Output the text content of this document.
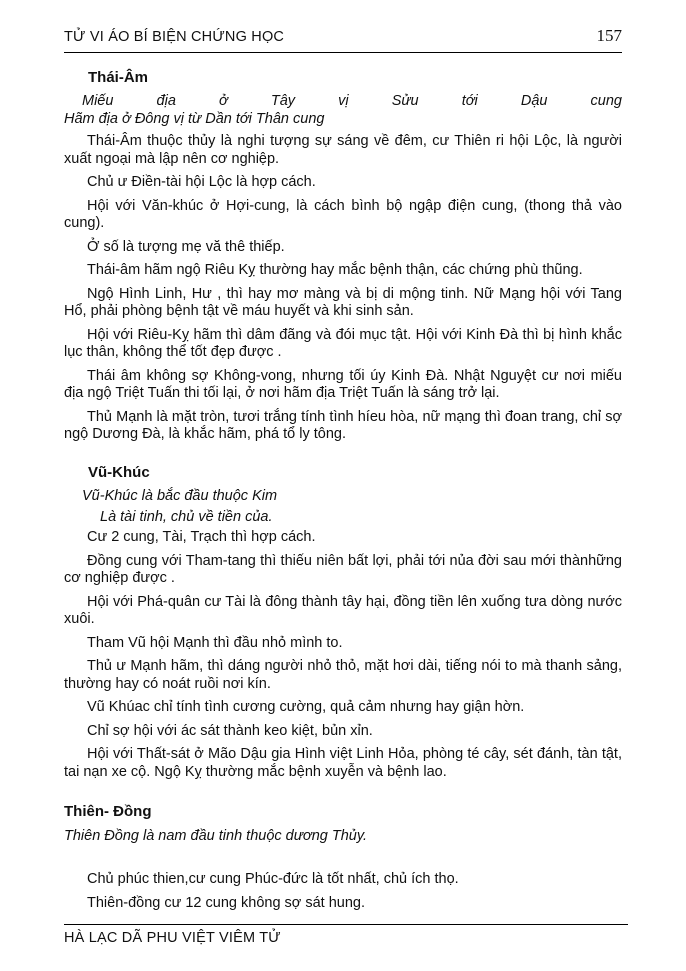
TỬ VI ÁO BÍ BIỆN CHỨNG HỌC	157
Thái-Âm
Miếu địa ở Tây vị Sửu tới Dậu cung
Hãm địa ở Đông vị từ Dần tới Thân cung

Thái-Âm thuộc thủy là nghi tượng sự sáng về đêm, cư Thiên ri hội Lộc, là người xuất ngoại mà lập nên cơ nghiệp.

Chủ ư Điền-tài hội Lộc là hợp cách.

Hội với Văn-khúc ở Hợi-cung, là cách bình bộ ngập điện cung, (thong thả vào cung).

Ở số là tượng mẹ vă thê thiếp.

Thái-âm hãm ngộ Riêu Kỵ thường hay mắc bệnh thận, các chứng phù thũng.

Ngộ Hình Linh, Hư , thì hay mơ màng và bị di mộng tinh. Nữ Mạng hội với Tang Hổ, phải phòng bệnh tật về máu huyết và khi sinh sản.

Hội với Riêu-Kỵ hãm thì dâm đãng và đói mục tật. Hội với Kinh Đà thì bị hình khắc lục thân, không thể tốt đẹp được .

Thái âm không sợ Không-vong, nhưng tối úy Kinh Đà. Nhật Nguyệt cư nơi miếu địa ngộ Triệt Tuấn thi tối lại, ở nơi hãm địa Triệt Tuấn là sáng trở lại.

Thủ Mạnh là mặt tròn, tươi trắng tính tình híeu hòa, nữ mạng thì đoan trang, chỉ sợ ngộ Dương Đà, là khắc hãm, phá tổ ly tông.

Vũ-Khúc
Vũ-Khúc là bắc đầu thuộc Kim
Là tài tinh, chủ về tiền của.

Cư 2 cung, Tài, Trạch thì hợp cách.

Đồng cung với Tham-tang thì thiếu niên bất lợi, phải tới nủa đời sau mới thànhững cơ nghiệp được .

Hội với Phá-quân cư Tài là đông thành tây hại, đồng tiền lên xuống tưa dòng nước xuôi.

Tham Vũ hội Mạnh thì đầu nhỏ mình to.

Thủ ư Mạnh hãm, thì dáng người nhỏ thỏ, mặt hơi dài, tiếng nói to mà thanh sảng, thường hay có noát ruồi nơi kín.

Vũ Khúac chỉ tính tình cương cường, quả cảm nhưng hay giận hờn.

Chỉ sợ hội với ác sát thành keo kiệt, bủn xỉn.

Hội với Thất-sát ở Mão Dậu gia Hình việt Linh Hỏa, phòng té cây, sét đánh, tàn tật, tai nạn xe cộ. Ngộ Kỵ thường mắc bệnh xuyễn và bệnh lao.

Thiên- Đồng
Thiên Đồng là nam đầu tinh thuộc dương Thủy.

Chủ phúc thien,cư cung Phúc-đức là tốt nhất, chủ ích thọ.

Thiên-đồng cư 12 cung không sợ sát hung.

HÀ LẠC DÃ PHU VIỆT VIÊM TỬ
